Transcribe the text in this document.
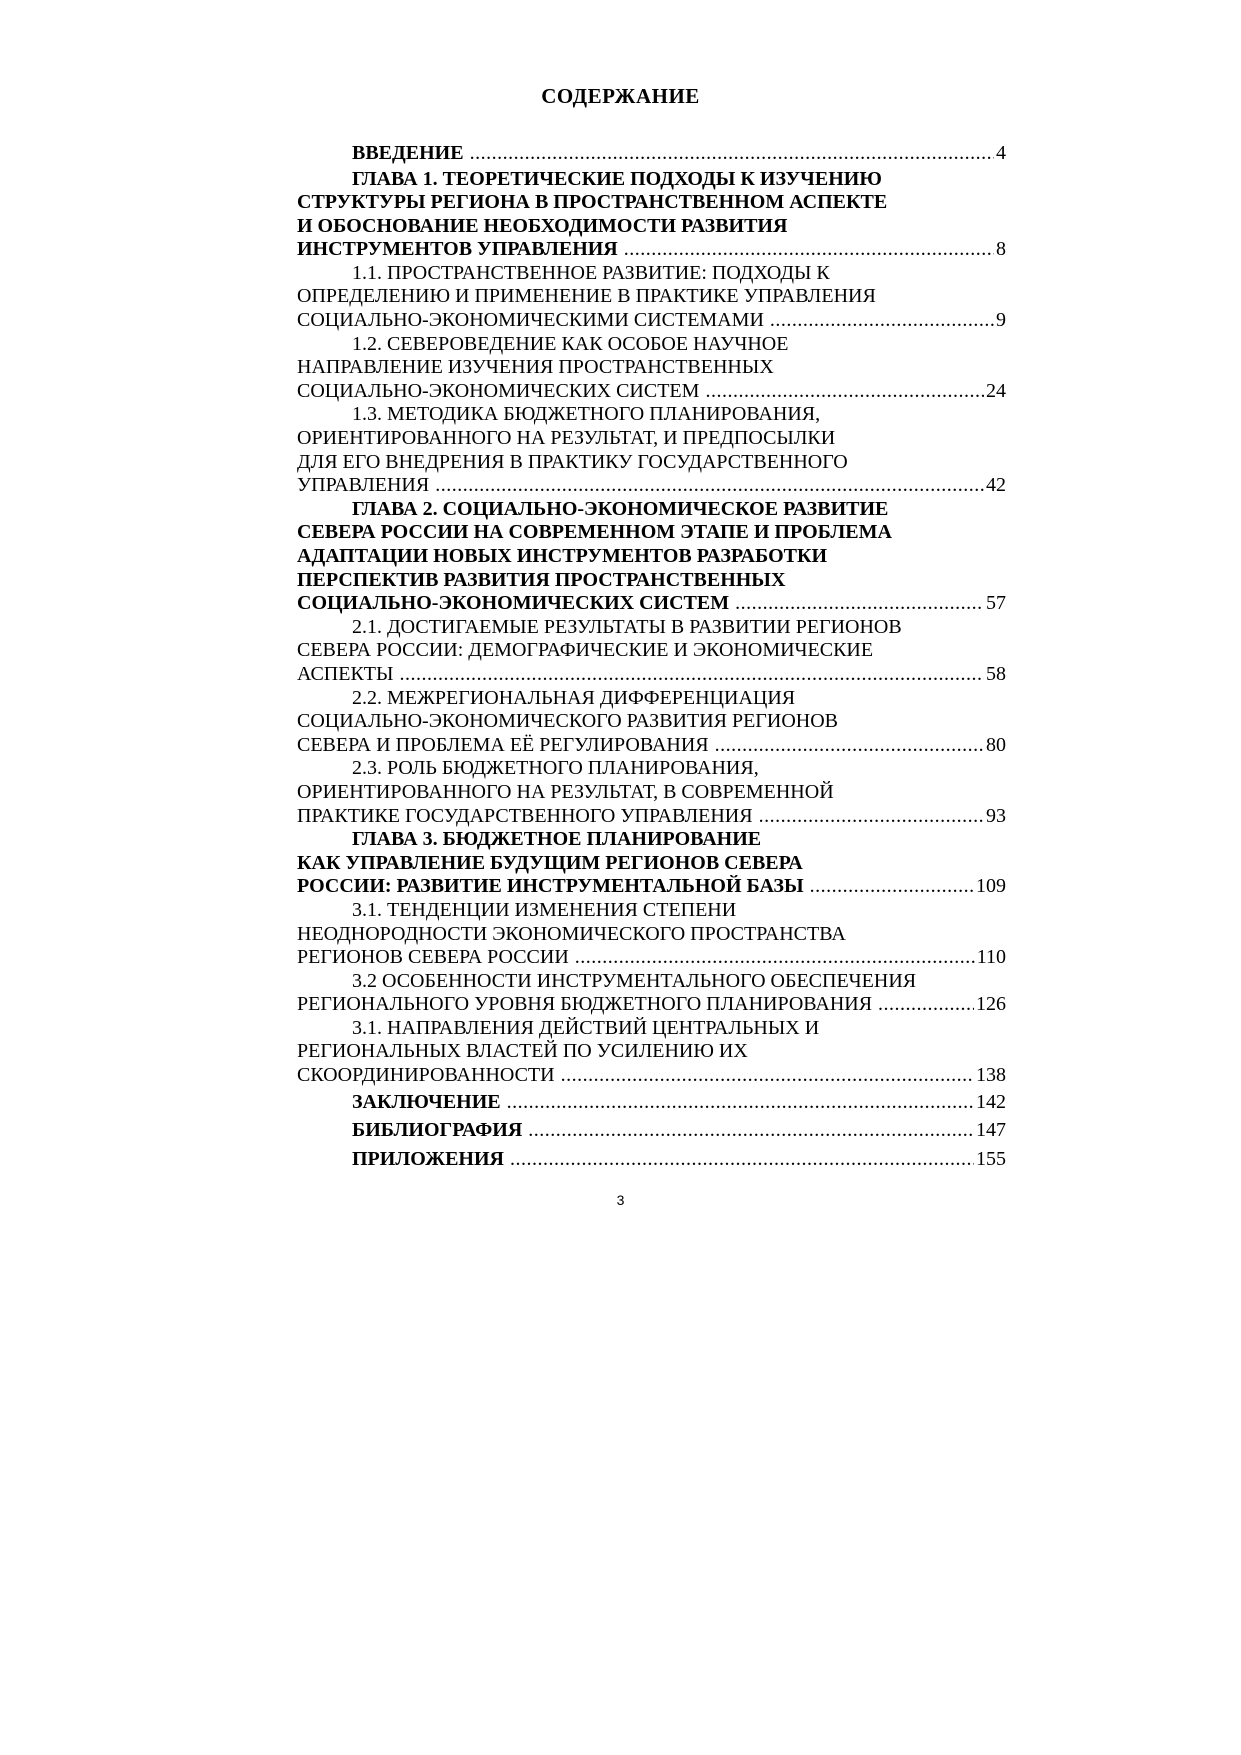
СОДЕРЖАНИЕ
ВВЕДЕНИЕ .....	4
ГЛАВА 1. ТЕОРЕТИЧЕСКИЕ ПОДХОДЫ К ИЗУЧЕНИЮ
СТРУКТУРЫ РЕГИОНА В ПРОСТРАНСТВЕННОМ АСПЕКТЕ
И ОБОСНОВАНИЕ НЕОБХОДИМОСТИ РАЗВИТИЯ
ИНСТРУМЕНТОВ УПРАВЛЕНИЯ .....	8
1.1. ПРОСТРАНСТВЕННОЕ РАЗВИТИЕ: ПОДХОДЫ К
ОПРЕДЕЛЕНИЮ И ПРИМЕНЕНИЕ В ПРАКТИКЕ УПРАВЛЕНИЯ
СОЦИАЛЬНО-ЭКОНОМИЧЕСКИМИ СИСТЕМАМИ .....	9
1.2. СЕВЕРОВЕДЕНИЕ КАК ОСОБОЕ НАУЧНОЕ
НАПРАВЛЕНИЕ ИЗУЧЕНИЯ ПРОСТРАНСТВЕННЫХ
СОЦИАЛЬНО-ЭКОНОМИЧЕСКИХ СИСТЕМ .....	24
1.3. МЕТОДИКА БЮДЖЕТНОГО ПЛАНИРОВАНИЯ,
ОРИЕНТИРОВАННОГО НА РЕЗУЛЬТАТ, И ПРЕДПОСЫЛКИ
ДЛЯ ЕГО ВНЕДРЕНИЯ В ПРАКТИКУ ГОСУДАРСТВЕННОГО
УПРАВЛЕНИЯ .....	42
ГЛАВА 2. СОЦИАЛЬНО-ЭКОНОМИЧЕСКОЕ РАЗВИТИЕ
СЕВЕРА РОССИИ НА СОВРЕМЕННОМ ЭТАПЕ И ПРОБЛЕМА
АДАПТАЦИИ НОВЫХ ИНСТРУМЕНТОВ РАЗРАБОТКИ
ПЕРСПЕКТИВ РАЗВИТИЯ ПРОСТРАНСТВЕННЫХ
СОЦИАЛЬНО-ЭКОНОМИЧЕСКИХ СИСТЕМ .....	57
2.1. ДОСТИГАЕМЫЕ РЕЗУЛЬТАТЫ В РАЗВИТИИ РЕГИОНОВ
СЕВЕРА РОССИИ: ДЕМОГРАФИЧЕСКИЕ И ЭКОНОМИЧЕСКИЕ
АСПЕКТЫ .....	58
2.2. МЕЖРЕГИОНАЛЬНАЯ ДИФФЕРЕНЦИАЦИЯ
СОЦИАЛЬНО-ЭКОНОМИЧЕСКОГО РАЗВИТИЯ РЕГИОНОВ
СЕВЕРА И ПРОБЛЕМА ЕЁ РЕГУЛИРОВАНИЯ .....	80
2.3. РОЛЬ БЮДЖЕТНОГО ПЛАНИРОВАНИЯ,
ОРИЕНТИРОВАННОГО НА РЕЗУЛЬТАТ, В СОВРЕМЕННОЙ
ПРАКТИКЕ ГОСУДАРСТВЕННОГО УПРАВЛЕНИЯ .....	93
ГЛАВА 3. БЮДЖЕТНОЕ ПЛАНИРОВАНИЕ
КАК УПРАВЛЕНИЕ БУДУЩИМ РЕГИОНОВ СЕВЕРА
РОССИИ: РАЗВИТИЕ ИНСТРУМЕНТАЛЬНОЙ БАЗЫ .....	109
3.1. ТЕНДЕНЦИИ ИЗМЕНЕНИЯ СТЕПЕНИ
НЕОДНОРОДНОСТИ ЭКОНОМИЧЕСКОГО ПРОСТРАНСТВА
РЕГИОНОВ СЕВЕРА РОССИИ .....	110
3.2 ОСОБЕННОСТИ ИНСТРУМЕНТАЛЬНОГО ОБЕСПЕЧЕНИЯ
РЕГИОНАЛЬНОГО УРОВНЯ БЮДЖЕТНОГО ПЛАНИРОВАНИЯ .....	126
3.1. НАПРАВЛЕНИЯ ДЕЙСТВИЙ ЦЕНТРАЛЬНЫХ И
РЕГИОНАЛЬНЫХ ВЛАСТЕЙ ПО УСИЛЕНИЮ ИХ
СКООРДИНИРОВАННОСТИ .....	138
ЗАКЛЮЧЕНИЕ .....	142
БИБЛИОГРАФИЯ .....	147
ПРИЛОЖЕНИЯ .....	155
3
